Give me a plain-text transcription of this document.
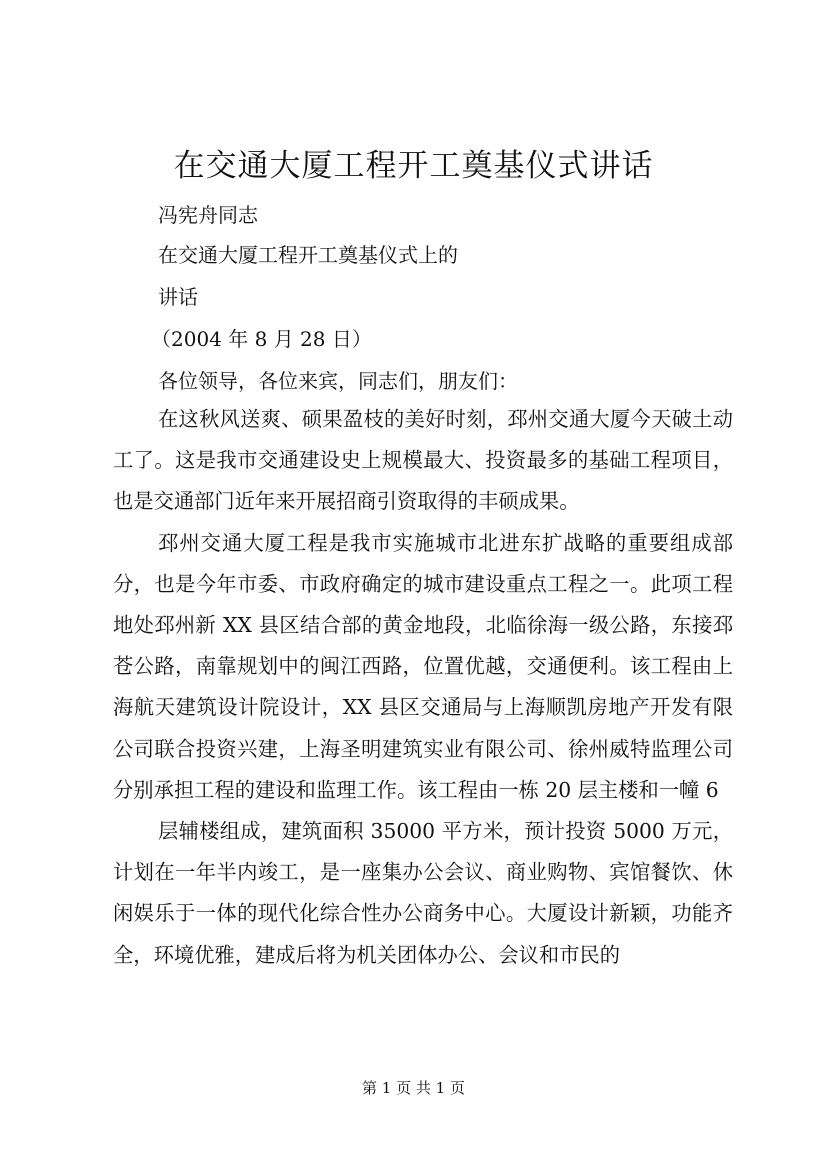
在交通大厦工程开工奠基仪式讲话
冯宪舟同志
在交通大厦工程开工奠基仪式上的
讲话
（2004 年 8 月 28 日）
各位领导，各位来宾，同志们，朋友们：

在这秋风送爽、硕果盈枝的美好时刻，邳州交通大厦今天破土动工了。这是我市交通建设史上规模最大、投资最多的基础工程项目，也是交通部门近年来开展招商引资取得的丰硕成果。

邳州交通大厦工程是我市实施城市北进东扩战略的重要组成部分，也是今年市委、市政府确定的城市建设重点工程之一。此项工程地处邳州新 XX 县区结合部的黄金地段，北临徐海一级公路，东接邳苍公路，南靠规划中的闽江西路，位置优越，交通便利。该工程由上海航天建筑设计院设计，XX 县区交通局与上海顺凯房地产开发有限公司联合投资兴建，上海圣明建筑实业有限公司、徐州威特监理公司分别承担工程的建设和监理工作。该工程由一栋 20 层主楼和一幢 6

层辅楼组成，建筑面积 35000 平方米，预计投资 5000 万元，计划在一年半内竣工，是一座集办公会议、商业购物、宾馆餐饮、休闲娱乐于一体的现代化综合性办公商务中心。大厦设计新颖，功能齐全，环境优雅，建成后将为机关团体办公、会议和市民的

第 1 页 共 1 页
